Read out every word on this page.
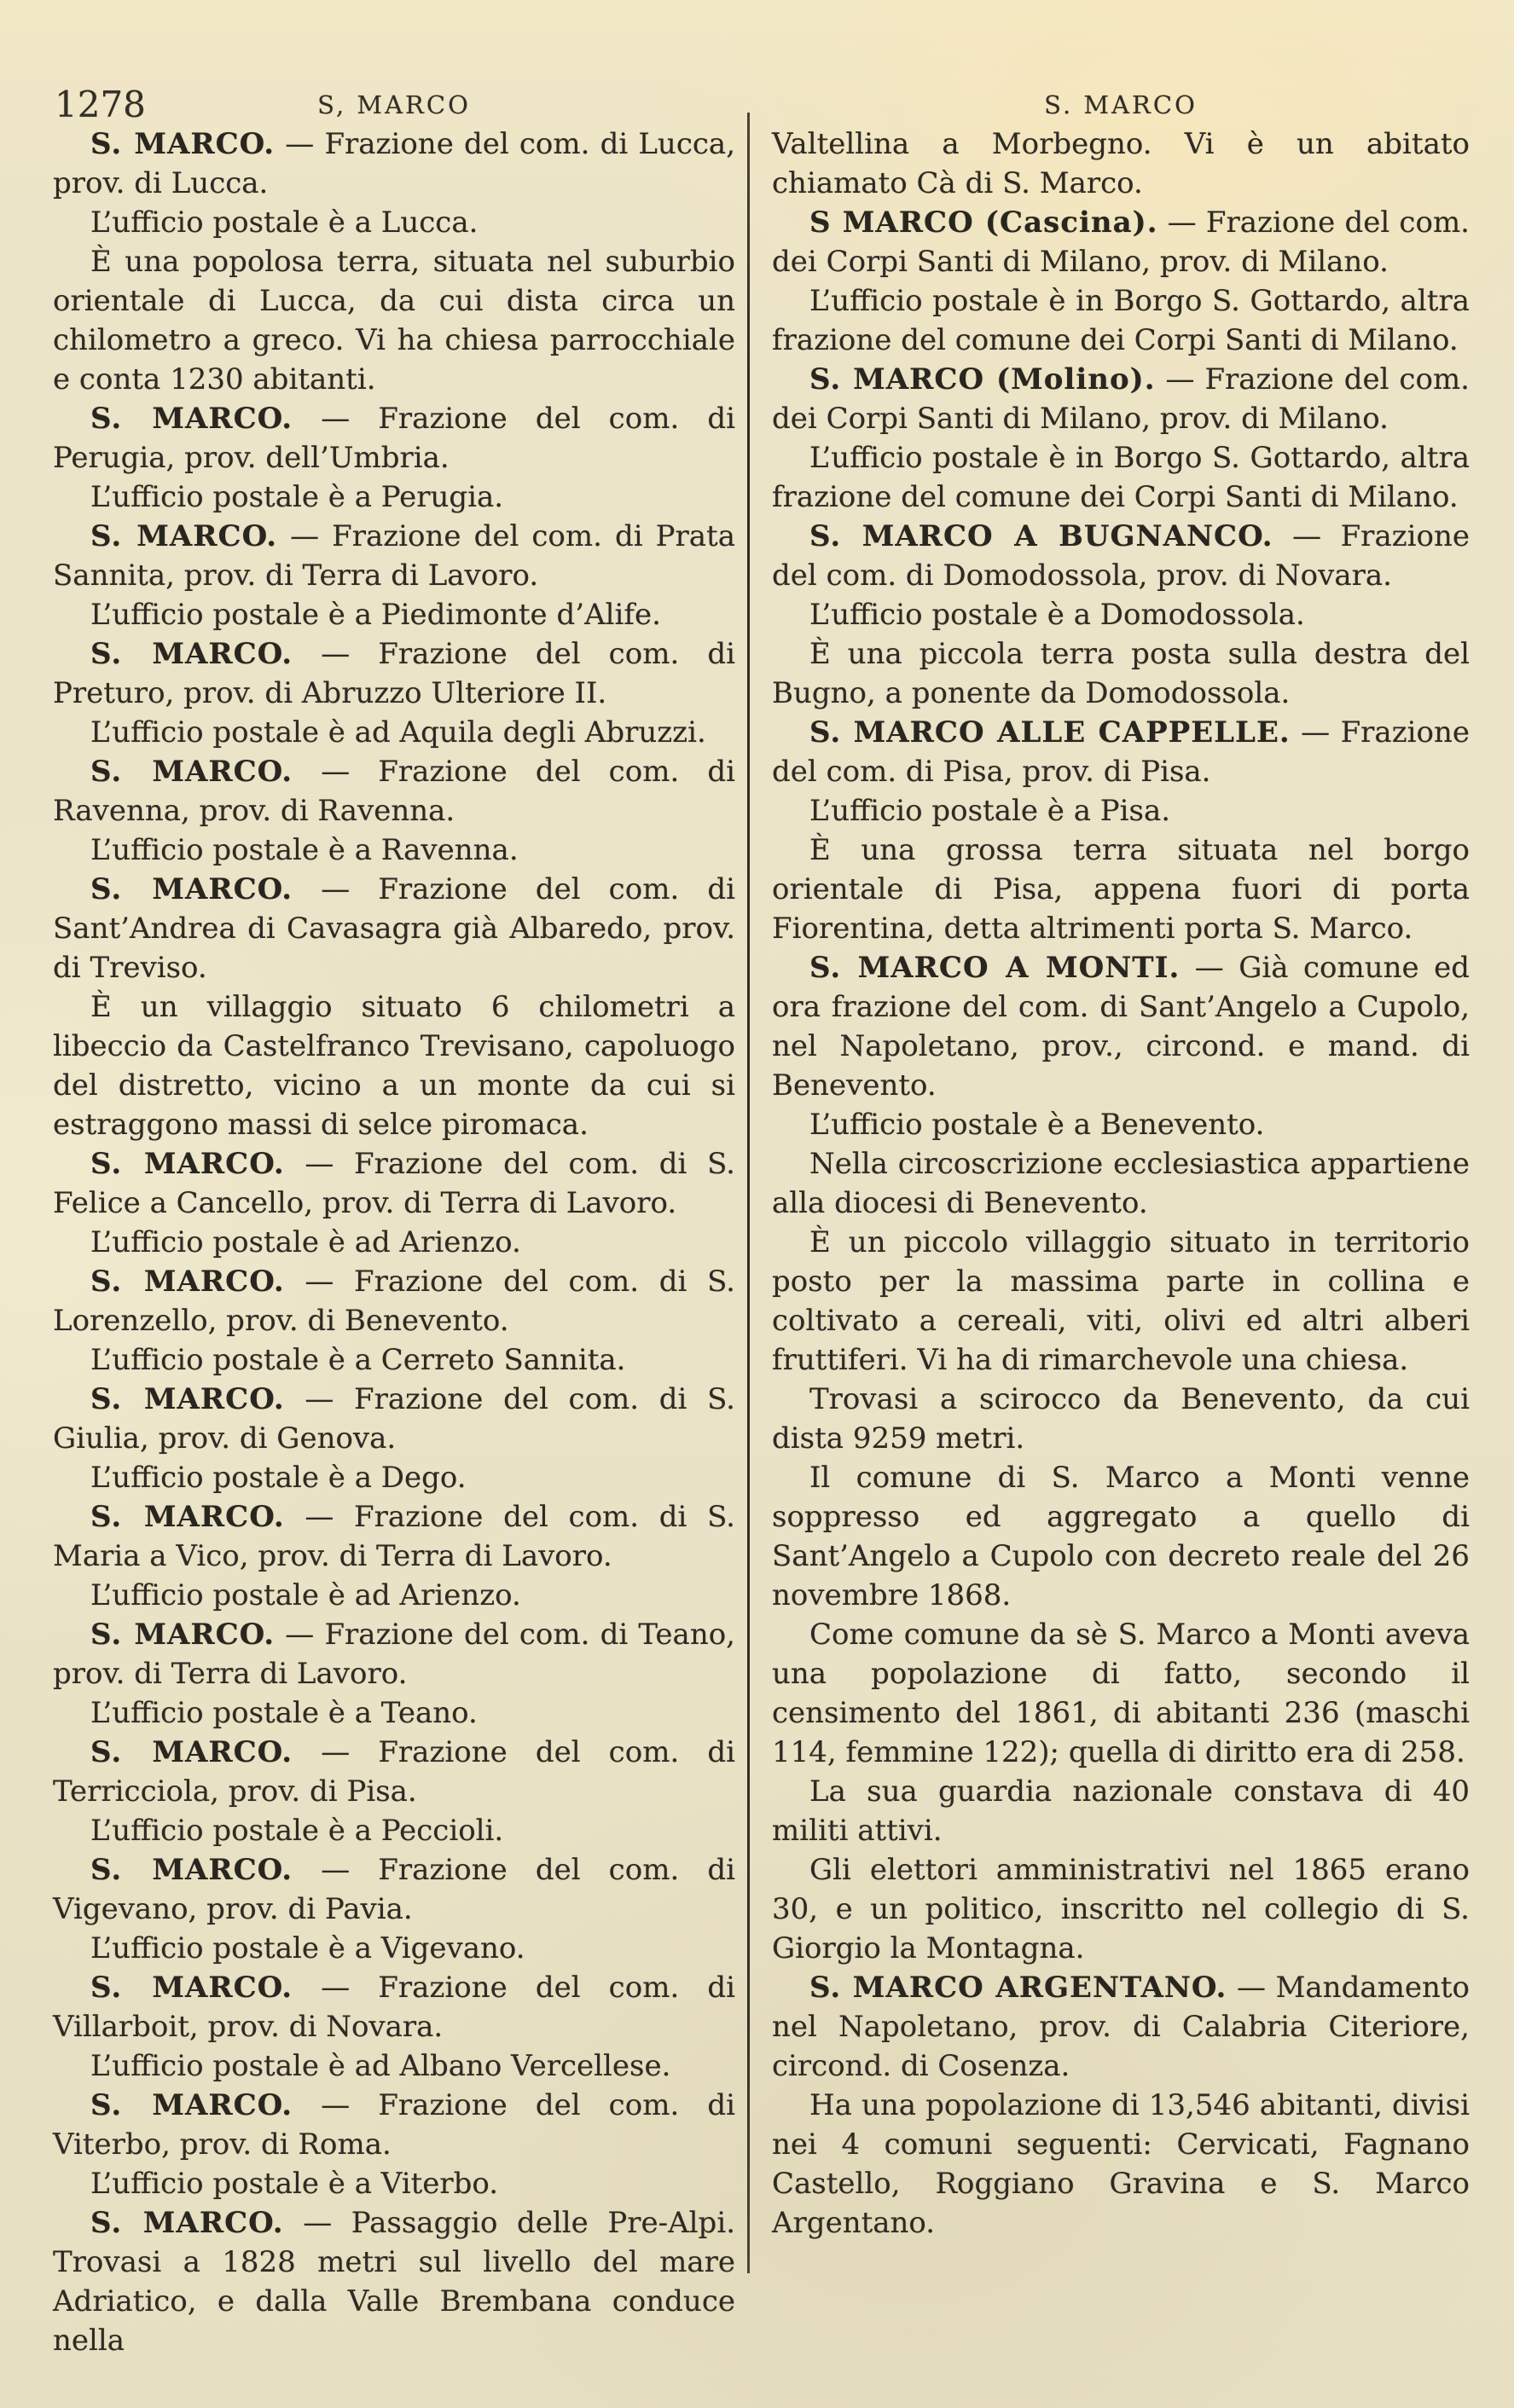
1278	S, MARCO	S. MARCO

S. MARCO. — Frazione del com. di Lucca, prov. di Lucca.

L’ufficio postale è a Lucca.

È una popolosa terra, situata nel suburbio orientale di Lucca, da cui dista circa un chilometro a greco. Vi ha chiesa parrocchiale e conta 1230 abitanti.

S. MARCO. — Frazione del com. di Perugia, prov. dell’Umbria.

L’ufficio postale è a Perugia.

S. MARCO. — Frazione del com. di Prata Sannita, prov. di Terra di Lavoro.

L’ufficio postale è a Piedimonte d’Alife.

S. MARCO. — Frazione del com. di Preturo, prov. di Abruzzo Ulteriore II.

L’ufficio postale è ad Aquila degli Abruzzi.

S. MARCO. — Frazione del com. di Ravenna, prov. di Ravenna.

L’ufficio postale è a Ravenna.

S. MARCO. — Frazione del com. di Sant’Andrea di Cavasagra già Albaredo, prov. di Treviso.

È un villaggio situato 6 chilometri a libeccio da Castelfranco Trevisano, capoluogo del distretto, vicino a un monte da cui si estraggono massi di selce piromaca.

S. MARCO. — Frazione del com. di S. Felice a Cancello, prov. di Terra di Lavoro.

L’ufficio postale è ad Arienzo.

S. MARCO. — Frazione del com. di S. Lorenzello, prov. di Benevento.

L’ufficio postale è a Cerreto Sannita.

S. MARCO. — Frazione del com. di S. Giulia, prov. di Genova.

L’ufficio postale è a Dego.

S. MARCO. — Frazione del com. di S. Maria a Vico, prov. di Terra di Lavoro.

L’ufficio postale è ad Arienzo.

S. MARCO. — Frazione del com. di Teano, prov. di Terra di Lavoro.

L’ufficio postale è a Teano.

S. MARCO. — Frazione del com. di Terricciola, prov. di Pisa.

L’ufficio postale è a Peccioli.

S. MARCO. — Frazione del com. di Vigevano, prov. di Pavia.

L’ufficio postale è a Vigevano.

S. MARCO. — Frazione del com. di Villarboit, prov. di Novara.

L’ufficio postale è ad Albano Vercellese.

S. MARCO. — Frazione del com. di Viterbo, prov. di Roma.

L’ufficio postale è a Viterbo.

S. MARCO. — Passaggio delle Pre-Alpi. Trovasi a 1828 metri sul livello del mare Adriatico, e dalla Valle Brembana conduce nella

Valtellina a Morbegno. Vi è un abitato chiamato Cà di S. Marco.

S MARCO (Cascina). — Frazione del com. dei Corpi Santi di Milano, prov. di Milano.

L’ufficio postale è in Borgo S. Gottardo, altra frazione del comune dei Corpi Santi di Milano.

S. MARCO (Molino). — Frazione del com. dei Corpi Santi di Milano, prov. di Milano.

L’ufficio postale è in Borgo S. Gottardo, altra frazione del comune dei Corpi Santi di Milano.

S. MARCO A BUGNANCO. — Frazione del com. di Domodossola, prov. di Novara.

L’ufficio postale è a Domodossola.

È una piccola terra posta sulla destra del Bugno, a ponente da Domodossola.

S. MARCO ALLE CAPPELLE. — Frazione del com. di Pisa, prov. di Pisa.

L’ufficio postale è a Pisa.

È una grossa terra situata nel borgo orientale di Pisa, appena fuori di porta Fiorentina, detta altrimenti porta S. Marco.

S. MARCO A MONTI. — Già comune ed ora frazione del com. di Sant’Angelo a Cupolo, nel Napoletano, prov., circond. e mand. di Benevento.

L’ufficio postale è a Benevento.

Nella circoscrizione ecclesiastica appartiene alla diocesi di Benevento.

È un piccolo villaggio situato in territorio posto per la massima parte in collina e coltivato a cereali, viti, olivi ed altri alberi fruttiferi. Vi ha di rimarchevole una chiesa.

Trovasi a scirocco da Benevento, da cui dista 9259 metri.

Il comune di S. Marco a Monti venne soppresso ed aggregato a quello di Sant’Angelo a Cupolo con decreto reale del 26 novembre 1868.

Come comune da sè S. Marco a Monti aveva una popolazione di fatto, secondo il censimento del 1861, di abitanti 236 (maschi 114, femmine 122); quella di diritto era di 258.

La sua guardia nazionale constava di 40 militi attivi.

Gli elettori amministrativi nel 1865 erano 30, e un politico, inscritto nel collegio di S. Giorgio la Montagna.

S. MARCO ARGENTANO. — Mandamento nel Napoletano, prov. di Calabria Citeriore, circond. di Cosenza.

Ha una popolazione di 13,546 abitanti, divisi nei 4 comuni seguenti: Cervicati, Fagnano Castello, Roggiano Gravina e S. Marco Argentano.
